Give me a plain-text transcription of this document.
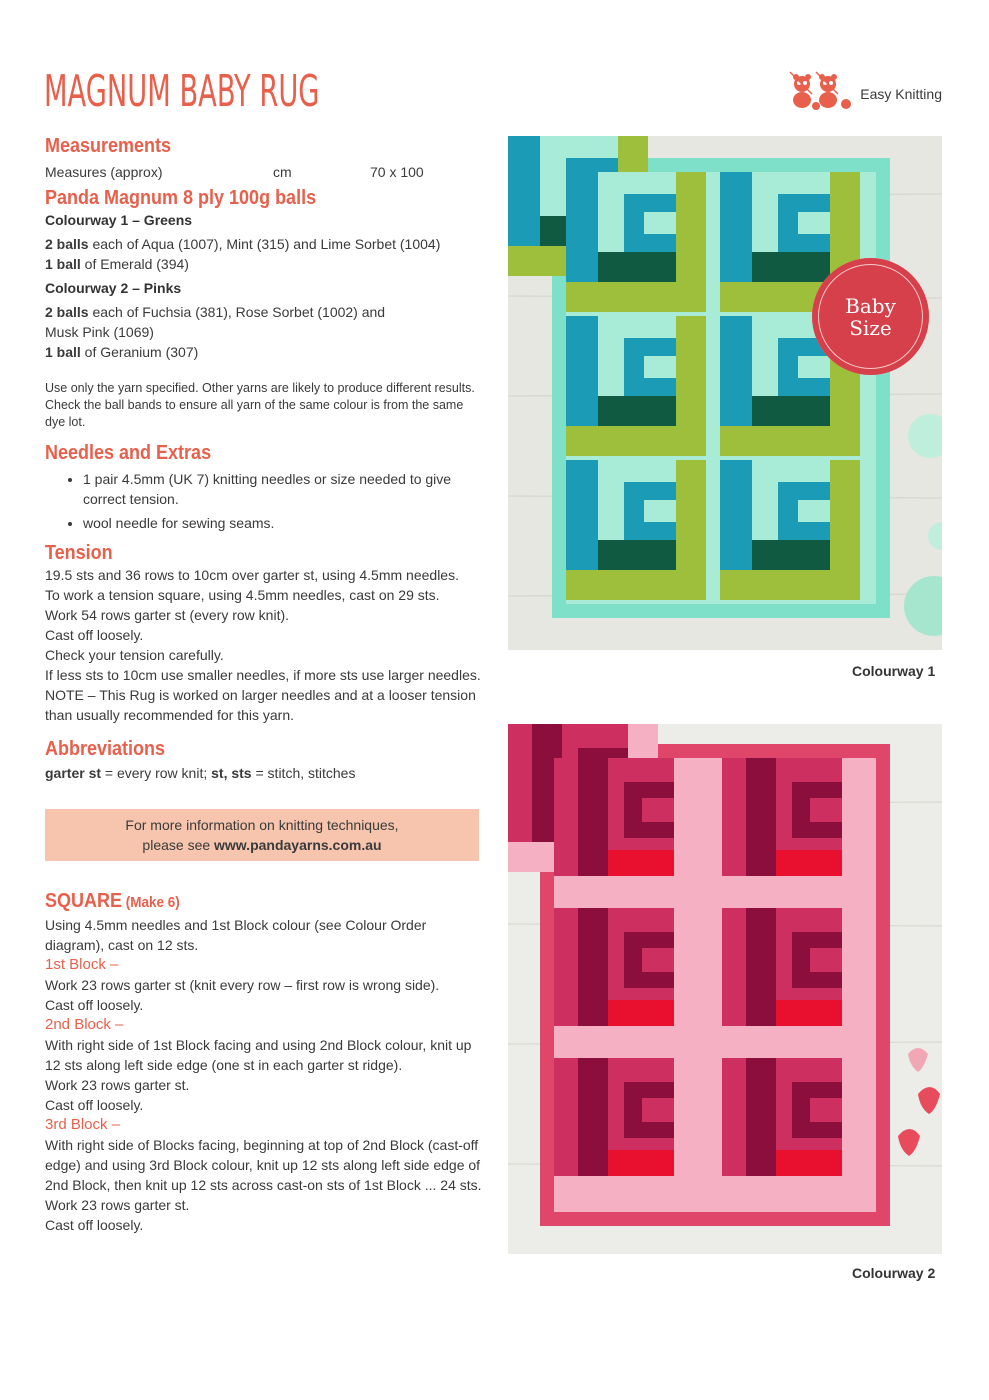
MAGNUM BABY RUG	Easy Knitting
Measurements
Measures (approx)	cm	70 x 100
Panda Magnum 8 ply 100g balls

Colourway 1 – Greens

2 balls each of Aqua (1007), Mint (315) and Lime Sorbet (1004)

1 ball of Emerald (394)

Colourway 2 – Pinks

2 balls each of Fuchsia (381), Rose Sorbet (1002) and

Musk Pink (1069)

1 ball of Geranium (307)

Use only the yarn specified. Other yarns are likely to produce different results.

Check the ball bands to ensure all yarn of the same colour is from the same dye lot.

Needles and Extras
• 1 pair 4.5mm (UK 7) knitting needles or size needed to give correct tension.
• wool needle for sewing seams.
Tension

19.5 sts and 36 rows to 10cm over garter st, using 4.5mm needles.

To work a tension square, using 4.5mm needles, cast on 29 sts.

Work 54 rows garter st (every row knit).

Cast off loosely.

Check your tension carefully.

If less sts to 10cm use smaller needles, if more sts use larger needles.

NOTE – This Rug is worked on larger needles and at a looser tension than usually recommended for this yarn.

Abbreviations

garter st = every row knit; st, sts = stitch, stitches

For more information on knitting techniques,
please see www.pandayarns.com.au
SQUARE (Make 6)

Using 4.5mm needles and 1st Block colour (see Colour Order diagram), cast on 12 sts.

1st Block –

Work 23 rows garter st (knit every row – first row is wrong side).

Cast off loosely.

2nd Block –

With right side of 1st Block facing and using 2nd Block colour, knit up 12 sts along left side edge (one st in each garter st ridge).

Work 23 rows garter st.

Cast off loosely.

3rd Block –

With right side of Blocks facing, beginning at top of 2nd Block (cast-off edge) and using 3rd Block colour, knit up 12 sts along left side edge of 2nd Block, then knit up 12 sts across cast-on sts of 1st Block ... 24 sts.

Work 23 rows garter st.

Cast off loosely.

Baby
Size
Colourway 1
Colourway 2
